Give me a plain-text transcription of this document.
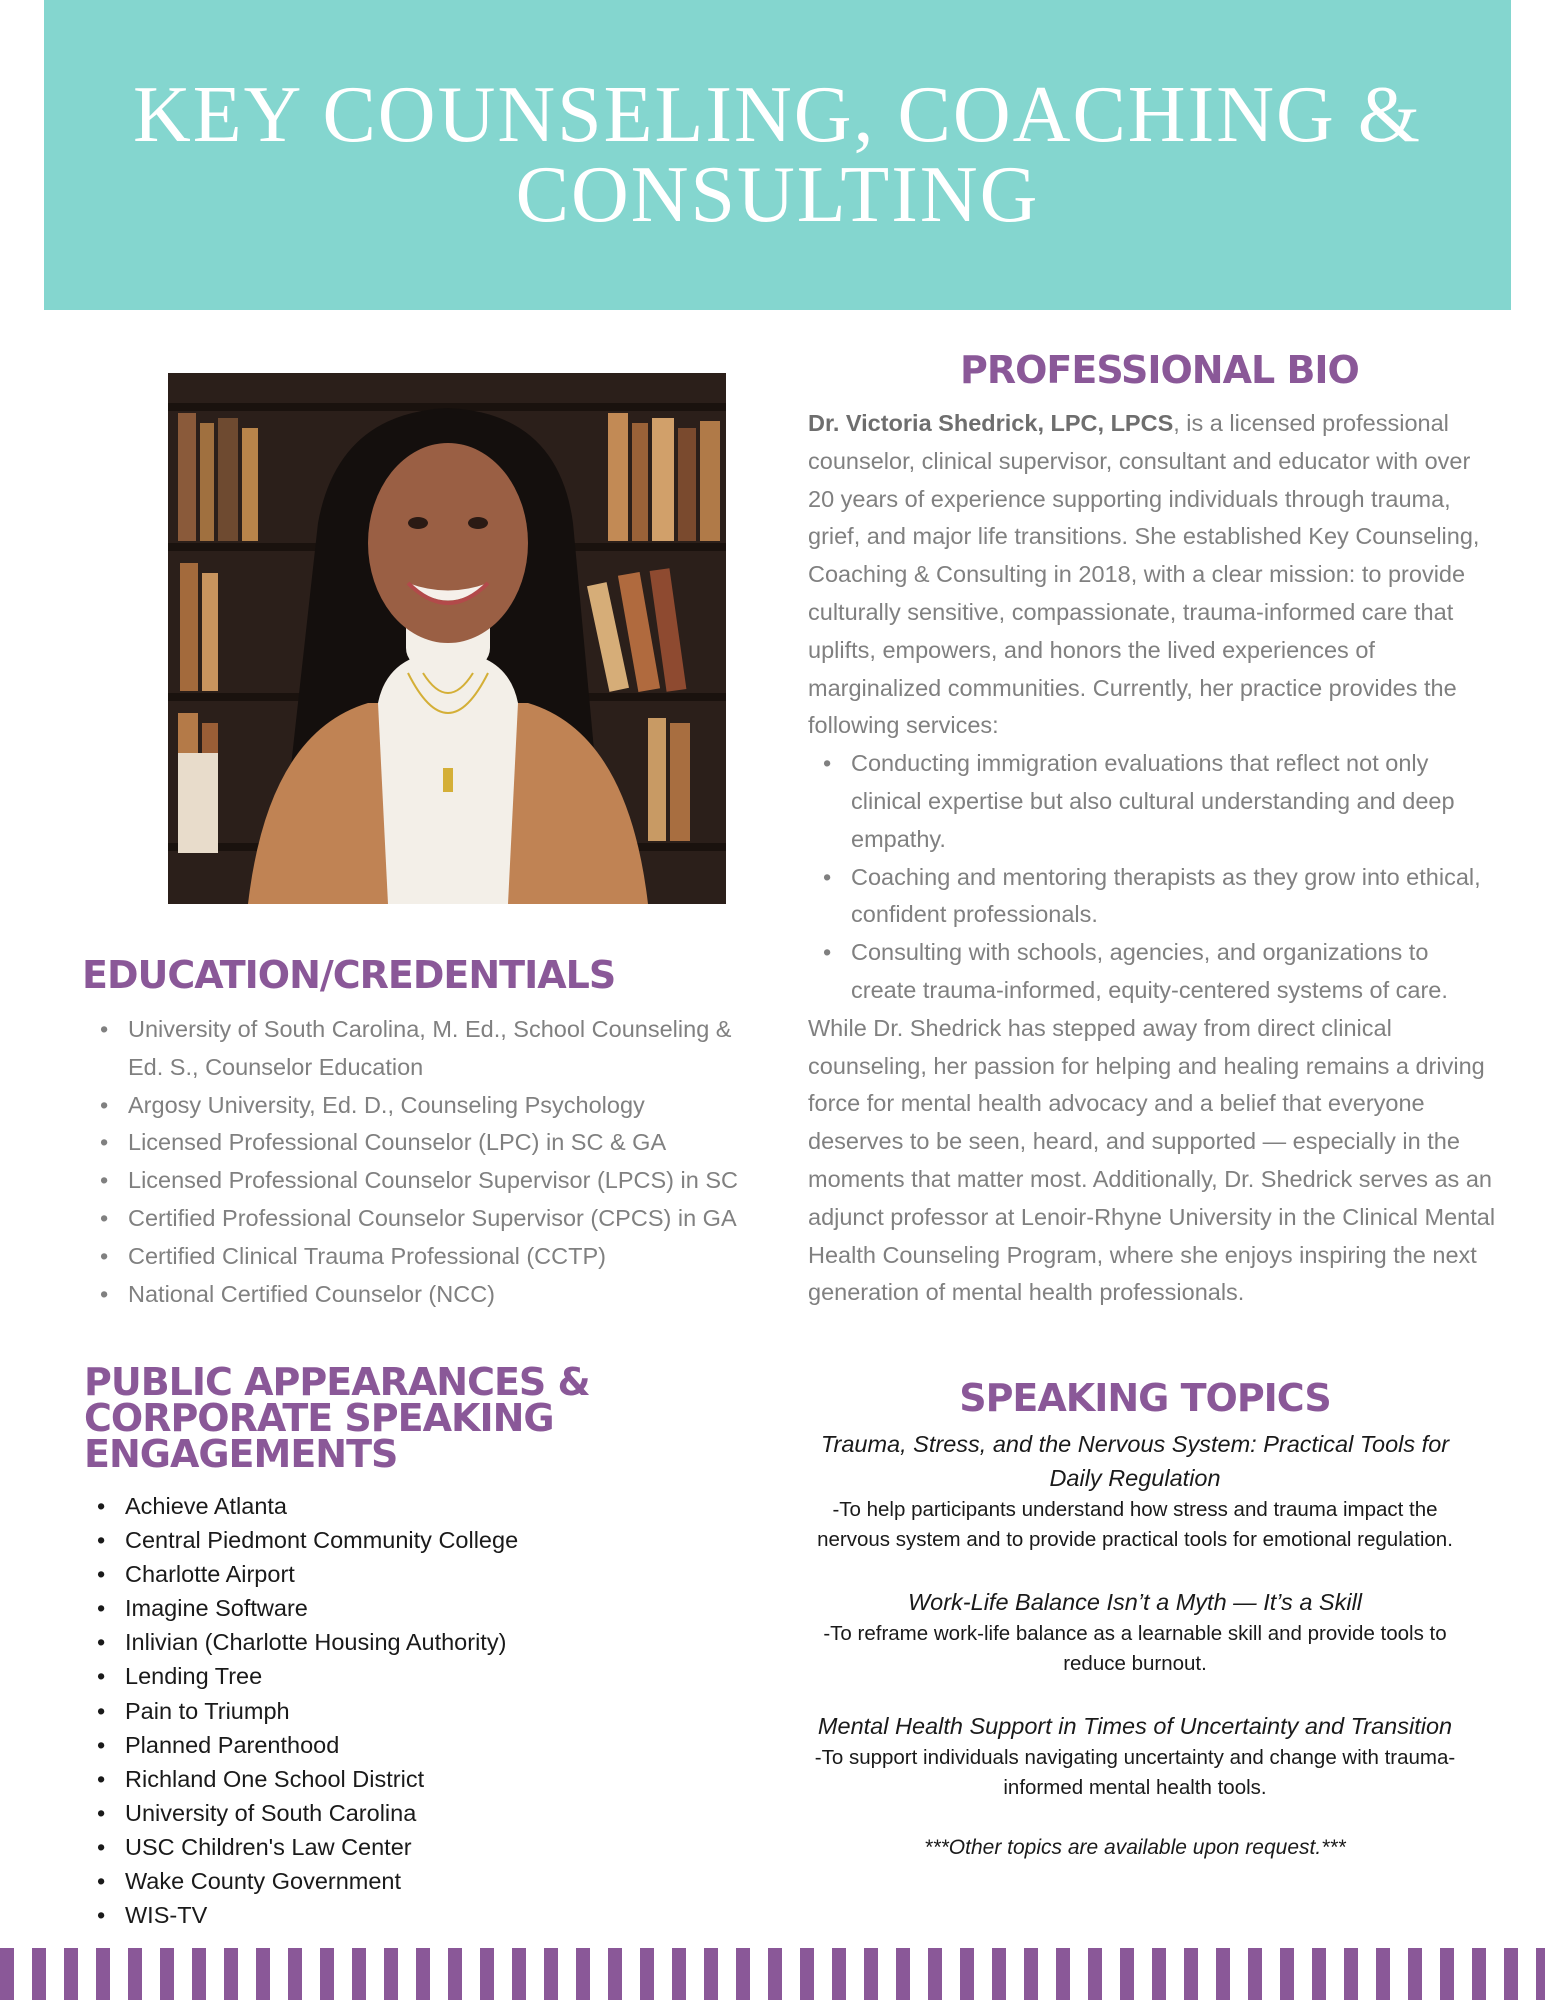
KEY COUNSELING, COACHING & CONSULTING
PROFESSIONAL BIO

Dr. Victoria Shedrick, LPC, LPCS, is a licensed professional counselor, clinical supervisor, consultant and educator with over 20 years of experience supporting individuals through trauma, grief, and major life transitions. She established Key Counseling, Coaching & Consulting in 2018, with a clear mission: to provide culturally sensitive, compassionate, trauma-informed care that uplifts, empowers, and honors the lived experiences of marginalized communities. Currently, her practice provides the following services:

• Conducting immigration evaluations that reflect not only clinical expertise but also cultural understanding and deep empathy.
• Coaching and mentoring therapists as they grow into ethical, confident professionals.
• Consulting with schools, agencies, and organizations to create trauma-informed, equity-centered systems of care.

While Dr. Shedrick has stepped away from direct clinical counseling, her passion for helping and healing remains a driving force for mental health advocacy and a belief that everyone deserves to be seen, heard, and supported — especially in the moments that matter most. Additionally, Dr. Shedrick serves as an adjunct professor at Lenoir-Rhyne University in the Clinical Mental Health Counseling Program, where she enjoys inspiring the next generation of mental health professionals.

EDUCATION/CREDENTIALS
• University of South Carolina, M. Ed., School Counseling & Ed. S., Counselor Education
• Argosy University, Ed. D., Counseling Psychology
• Licensed Professional Counselor (LPC) in SC & GA
• Licensed Professional Counselor Supervisor (LPCS) in SC
• Certified Professional Counselor Supervisor (CPCS) in GA
• Certified Clinical Trauma Professional (CCTP)
• National Certified Counselor (NCC)
PUBLIC APPEARANCES &
CORPORATE SPEAKING
ENGAGEMENTS
• Achieve Atlanta
• Central Piedmont Community College
• Charlotte Airport
• Imagine Software
• Inlivian (Charlotte Housing Authority)
• Lending Tree
• Pain to Triumph
• Planned Parenthood
• Richland One School District
• University of South Carolina
• USC Children's Law Center
• Wake County Government
• WIS-TV
SPEAKING TOPICS
Trauma, Stress, and the Nervous System: Practical Tools for Daily Regulation
-To help participants understand how stress and trauma impact the nervous system and to provide practical tools for emotional regulation.
Work-Life Balance Isn’t a Myth — It’s a Skill
-To reframe work-life balance as a learnable skill and provide tools to reduce burnout.
Mental Health Support in Times of Uncertainty and Transition
-To support individuals navigating uncertainty and change with trauma-informed mental health tools.
***Other topics are available upon request.***
